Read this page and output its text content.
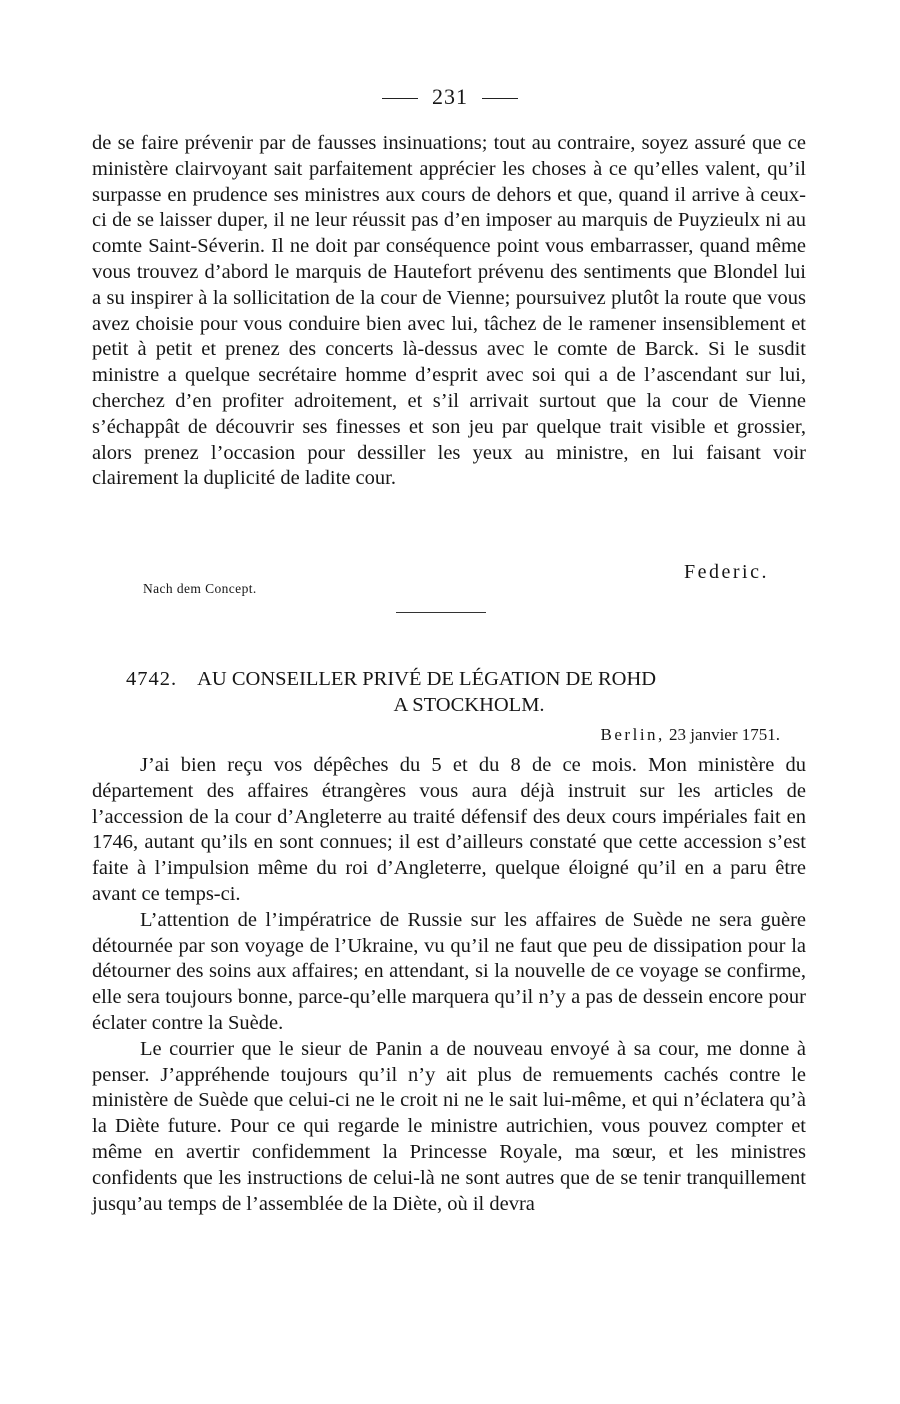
231

de se faire prévenir par de fausses insinuations; tout au contraire, soyez assuré que ce ministère clairvoyant sait parfaitement apprécier les choses à ce qu’elles valent, qu’il surpasse en prudence ses ministres aux cours de dehors et que, quand il arrive à ceux-ci de se laisser duper, il ne leur réussit pas d’en imposer au marquis de Puyzieulx ni au comte Saint-Séverin. Il ne doit par conséquence point vous embarrasser, quand même vous trouvez d’abord le marquis de Hautefort prévenu des sentiments que Blondel lui a su inspirer à la sollicitation de la cour de Vienne; poursuivez plutôt la route que vous avez choisie pour vous conduire bien avec lui, tâchez de le ramener insensiblement et petit à petit et prenez des concerts là-dessus avec le comte de Barck. Si le susdit ministre a quelque secrétaire homme d’esprit avec soi qui a de l’ascendant sur lui, cherchez d’en profiter adroitement, et s’il arrivait surtout que la cour de Vienne s’échappât de découvrir ses finesses et son jeu par quelque trait visible et grossier, alors prenez l’occasion pour dessiller les yeux au ministre, en lui faisant voir clairement la duplicité de ladite cour.

Federic.
Nach dem Concept.
4742. AU CONSEILLER PRIVÉ DE LÉGATION DE ROHD
A STOCKHOLM.
Berlin, 23 janvier 1751.

J’ai bien reçu vos dépêches du 5 et du 8 de ce mois. Mon ministère du département des affaires étrangères vous aura déjà instruit sur les articles de l’accession de la cour d’Angleterre au traité défensif des deux cours impériales fait en 1746, autant qu’ils en sont connues; il est d’ailleurs constaté que cette accession s’est faite à l’impulsion même du roi d’Angleterre, quelque éloigné qu’il en a paru être avant ce temps-ci.

L’attention de l’impératrice de Russie sur les affaires de Suède ne sera guère détournée par son voyage de l’Ukraine, vu qu’il ne faut que peu de dissipation pour la détourner des soins aux affaires; en attendant, si la nouvelle de ce voyage se confirme, elle sera toujours bonne, parce-qu’elle marquera qu’il n’y a pas de dessein encore pour éclater contre la Suède.

Le courrier que le sieur de Panin a de nouveau envoyé à sa cour, me donne à penser. J’appréhende toujours qu’il n’y ait plus de remuements cachés contre le ministère de Suède que celui-ci ne le croit ni ne le sait lui-même, et qui n’éclatera qu’à la Diète future. Pour ce qui regarde le ministre autrichien, vous pouvez compter et même en avertir confidemment la Princesse Royale, ma sœur, et les ministres confidents que les instructions de celui-là ne sont autres que de se tenir tranquillement jusqu’au temps de l’assemblée de la Diète, où il devra
